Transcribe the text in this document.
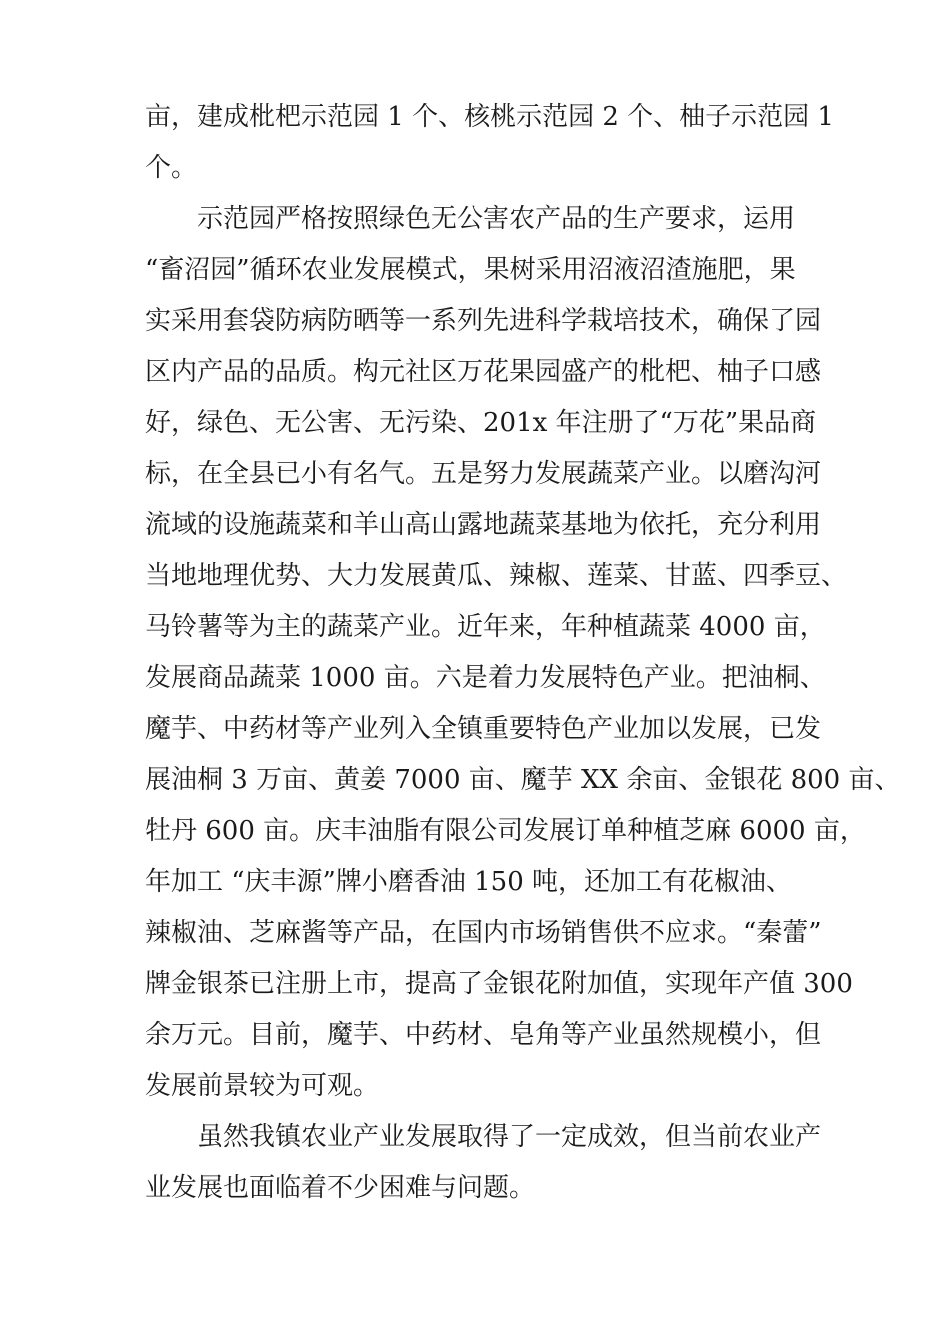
亩，建成枇杷示范园 1 个、核桃示范园 2 个、柚子示范园 1
个。
示范园严格按照绿色无公害农产品的生产要求，运用
“畜沼园”循环农业发展模式，果树采用沼液沼渣施肥，果
实采用套袋防病防晒等一系列先进科学栽培技术，确保了园
区内产品的品质。构元社区万花果园盛产的枇杷、柚子口感
好，绿色、无公害、无污染、201x 年注册了“万花”果品商
标，在全县已小有名气。五是努力发展蔬菜产业。以磨沟河
流域的设施蔬菜和羊山高山露地蔬菜基地为依托，充分利用
当地地理优势、大力发展黄瓜、辣椒、莲菜、甘蓝、四季豆、
马铃薯等为主的蔬菜产业。近年来，年种植蔬菜 4000 亩，
发展商品蔬菜 1000 亩。六是着力发展特色产业。把油桐、
魔芋、中药材等产业列入全镇重要特色产业加以发展，已发
展油桐 3 万亩、黄姜 7000 亩、魔芋 XX 余亩、金银花 800 亩、
牡丹 600 亩。庆丰油脂有限公司发展订单种植芝麻 6000 亩，
年加工 “庆丰源”牌小磨香油 150 吨，还加工有花椒油、
辣椒油、芝麻酱等产品，在国内市场销售供不应求。“秦蕾”
牌金银茶已注册上市，提高了金银花附加值，实现年产值 300
余万元。目前，魔芋、中药材、皂角等产业虽然规模小，但
发展前景较为可观。
虽然我镇农业产业发展取得了一定成效，但当前农业产
业发展也面临着不少困难与问题。
